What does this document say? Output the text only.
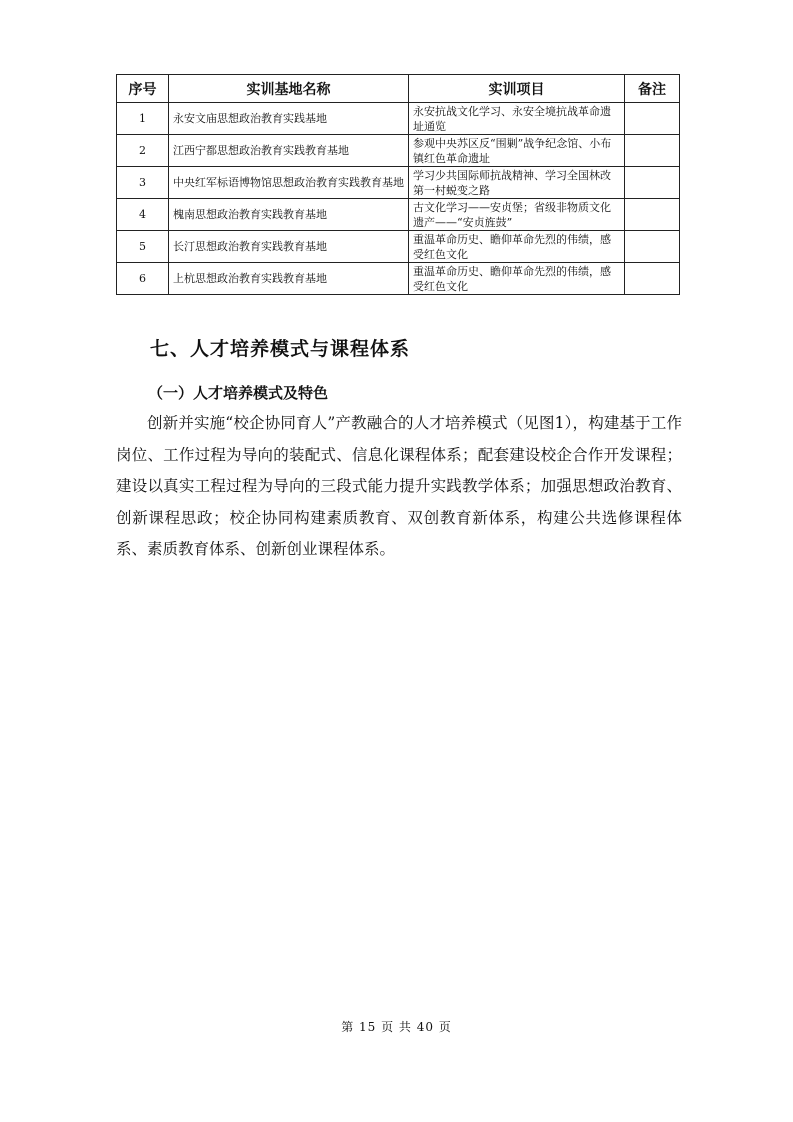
序号	实训基地名称	实训项目	备注
1	永安文庙思想政治教育实践基地	永安抗战文化学习、永安全境抗战革命遗址通览	
2	江西宁都思想政治教育实践教育基地	参观中央苏区反“围剿”战争纪念馆、小布镇红色革命遗址	
3	中央红军标语博物馆思想政治教育实践教育基地	学习少共国际师抗战精神、学习全国林改第一村蜕变之路	
4	槐南思想政治教育实践教育基地	古文化学习——安贞堡；省级非物质文化遗产——“安贞旌鼓”	
5	长汀思想政治教育实践教育基地	重温革命历史、瞻仰革命先烈的伟绩，感受红色文化	
6	上杭思想政治教育实践教育基地	重温革命历史、瞻仰革命先烈的伟绩，感受红色文化	
七、人才培养模式与课程体系
（一）人才培养模式及特色

创新并实施“校企协同育人”产教融合的人才培养模式（见图1），构建基于工作岗位、工作过程为导向的装配式、信息化课程体系；配套建设校企合作开发课程；建设以真实工程过程为导向的三段式能力提升实践教学体系；加强思想政治教育、创新课程思政；校企协同构建素质教育、双创教育新体系，构建公共选修课程体系、素质教育体系、创新创业课程体系。

第 15 页 共 40 页
